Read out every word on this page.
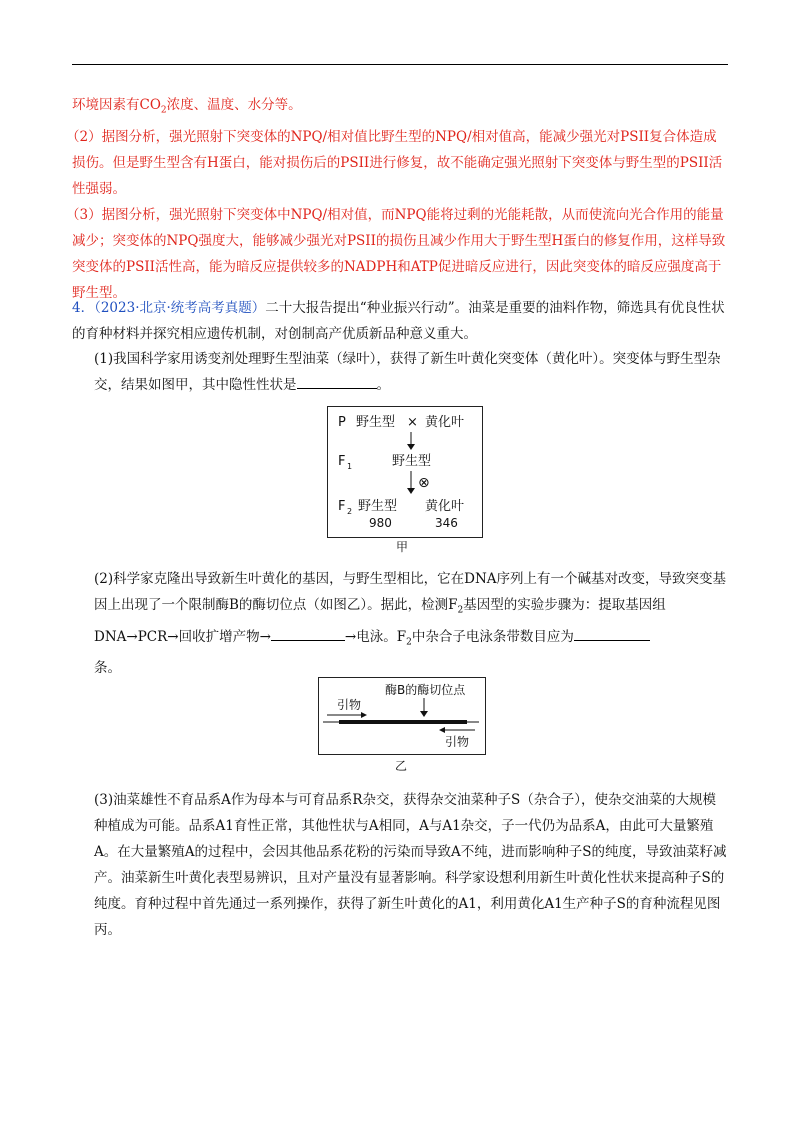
环境因素有$CO_2$浓度、温度、水分等。

（2）据图分析，强光照射下突变体的NPQ/相对值比野生型的NPQ/相对值高，能减少强光对PSII复合体造成损伤。但是野生型含有H蛋白，能对损伤后的PSII进行修复，故不能确定强光照射下突变体与野生型的PSII活性强弱。

（3）据图分析，强光照射下突变体中NPQ/相对值，而NPQ能将过剩的光能耗散，从而使流向光合作用的能量减少；突变体的NPQ强度大，能够减少强光对PSII的损伤且减少作用大于野生型H蛋白的修复作用，这样导致突变体的PSII活性高，能为暗反应提供较多的NADPH和ATP促进暗反应进行，因此突变体的暗反应强度高于野生型。

4．（2023·北京·统考高考真题）二十大报告提出“种业振兴行动”。油菜是重要的油料作物，筛选具有优良性状的育种材料并探究相应遗传机制，对创制高产优质新品种意义重大。
(1)我国科学家用诱变剂处理野生型油菜（绿叶），获得了新生叶黄化突变体（黄化叶）。突变体与野生型杂交，结果如图甲，其中隐性性状是	。
P 野生型 × 黄化叶
F 1	野生型
⊗
F 2 野生型 黄化叶
980	346
甲
(2)科学家克隆出导致新生叶黄化的基因，与野生型相比，它在DNA序列上有一个碱基对改变，导致突变基因上出现了一个限制酶B的酶切位点（如图乙）。据此，检测$F_2$基因型的实验步骤为：提取基因组DNA→PCR→回收扩增产物→	→电泳。$F_2$中杂合子电泳条带数目应为
条。
酶B的酶切位点
引物
引物
乙
(3)油菜雄性不育品系A作为母本与可育品系R杂交，获得杂交油菜种子S（杂合子），使杂交油菜的大规模种植成为可能。品系A1育性正常，其他性状与A相同，A与A1杂交，子一代仍为品系A，由此可大量繁殖A。在大量繁殖A的过程中，会因其他品系花粉的污染而导致A不纯，进而影响种子S的纯度，导致油菜籽减产。油菜新生叶黄化表型易辨识，且对产量没有显著影响。科学家设想利用新生叶黄化性状来提高种子S的纯度。育种过程中首先通过一系列操作，获得了新生叶黄化的A1，利用黄化A1生产种子S的育种流程见图丙。
